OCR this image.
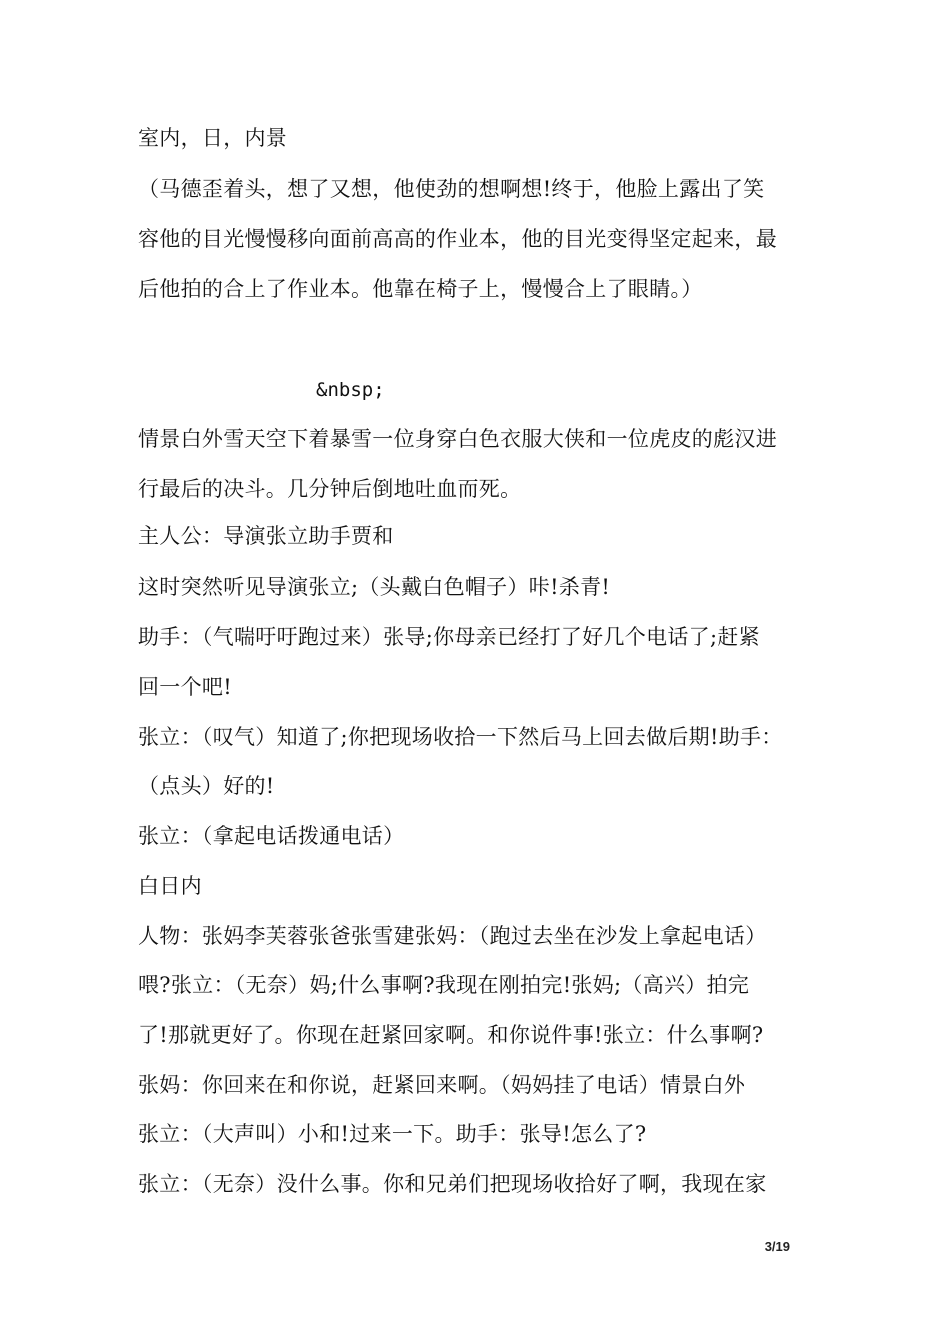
室内，日，内景
（马德歪着头，想了又想，他使劲的想啊想!终于，他脸上露出了笑
容他的目光慢慢移向面前高高的作业本，他的目光变得坚定起来，最
后他拍的合上了作业本。他靠在椅子上，慢慢合上了眼睛。）
&nbsp;
情景白外雪天空下着暴雪一位身穿白色衣服大侠和一位虎皮的彪汉进
行最后的决斗。几分钟后倒地吐血而死。
主人公：导演张立助手贾和
这时突然听见导演张立;（头戴白色帽子）咔!杀青!
助手：（气喘吁吁跑过来）张导;你母亲已经打了好几个电话了;赶紧
回一个吧!
张立：（叹气）知道了;你把现场收拾一下然后马上回去做后期!助手：
（点头）好的!
张立：（拿起电话拨通电话）
白日内
人物：张妈李芙蓉张爸张雪建张妈：（跑过去坐在沙发上拿起电话）
喂?张立：（无奈）妈;什么事啊?我现在刚拍完!张妈;（高兴）拍完
了!那就更好了。你现在赶紧回家啊。和你说件事!张立：什么事啊?
张妈：你回来在和你说，赶紧回来啊。（妈妈挂了电话）情景白外
张立：（大声叫）小和!过来一下。助手：张导!怎么了?
张立：（无奈）没什么事。你和兄弟们把现场收拾好了啊，我现在家
3/19
